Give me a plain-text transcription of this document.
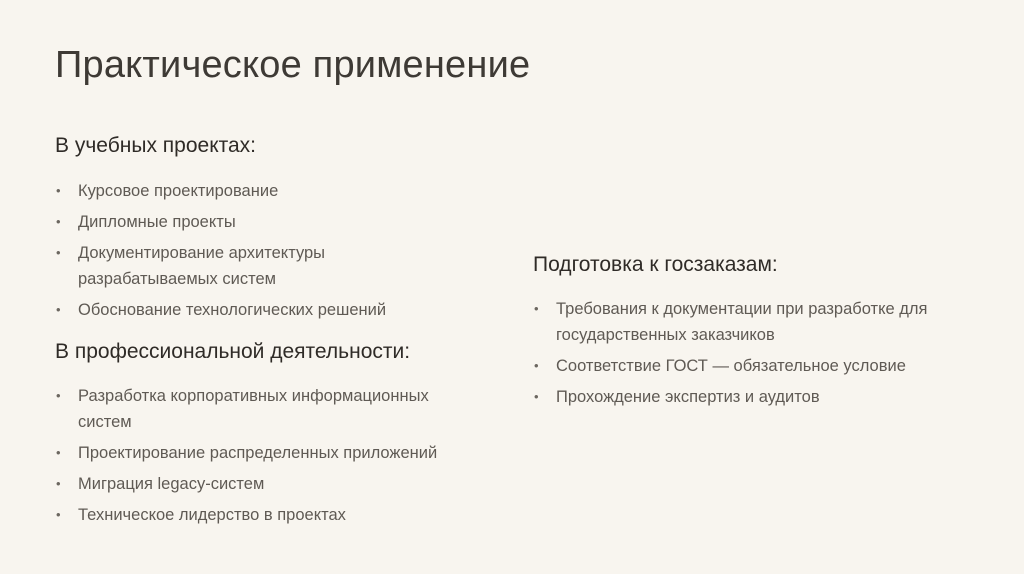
Практическое применение
В учебных проектах:
• Курсовое проектирование
• Дипломные проекты
• Документирование архитектуры разрабатываемых систем
• Обоснование технологических решений
В профессиональной деятельности:
• Разработка корпоративных информационных систем
• Проектирование распределенных приложений
• Миграция legacy-систем
• Техническое лидерство в проектах
Подготовка к госзаказам:
• Требования к документации при разработке для государственных заказчиков
• Соответствие ГОСТ — обязательное условие
• Прохождение экспертиз и аудитов
